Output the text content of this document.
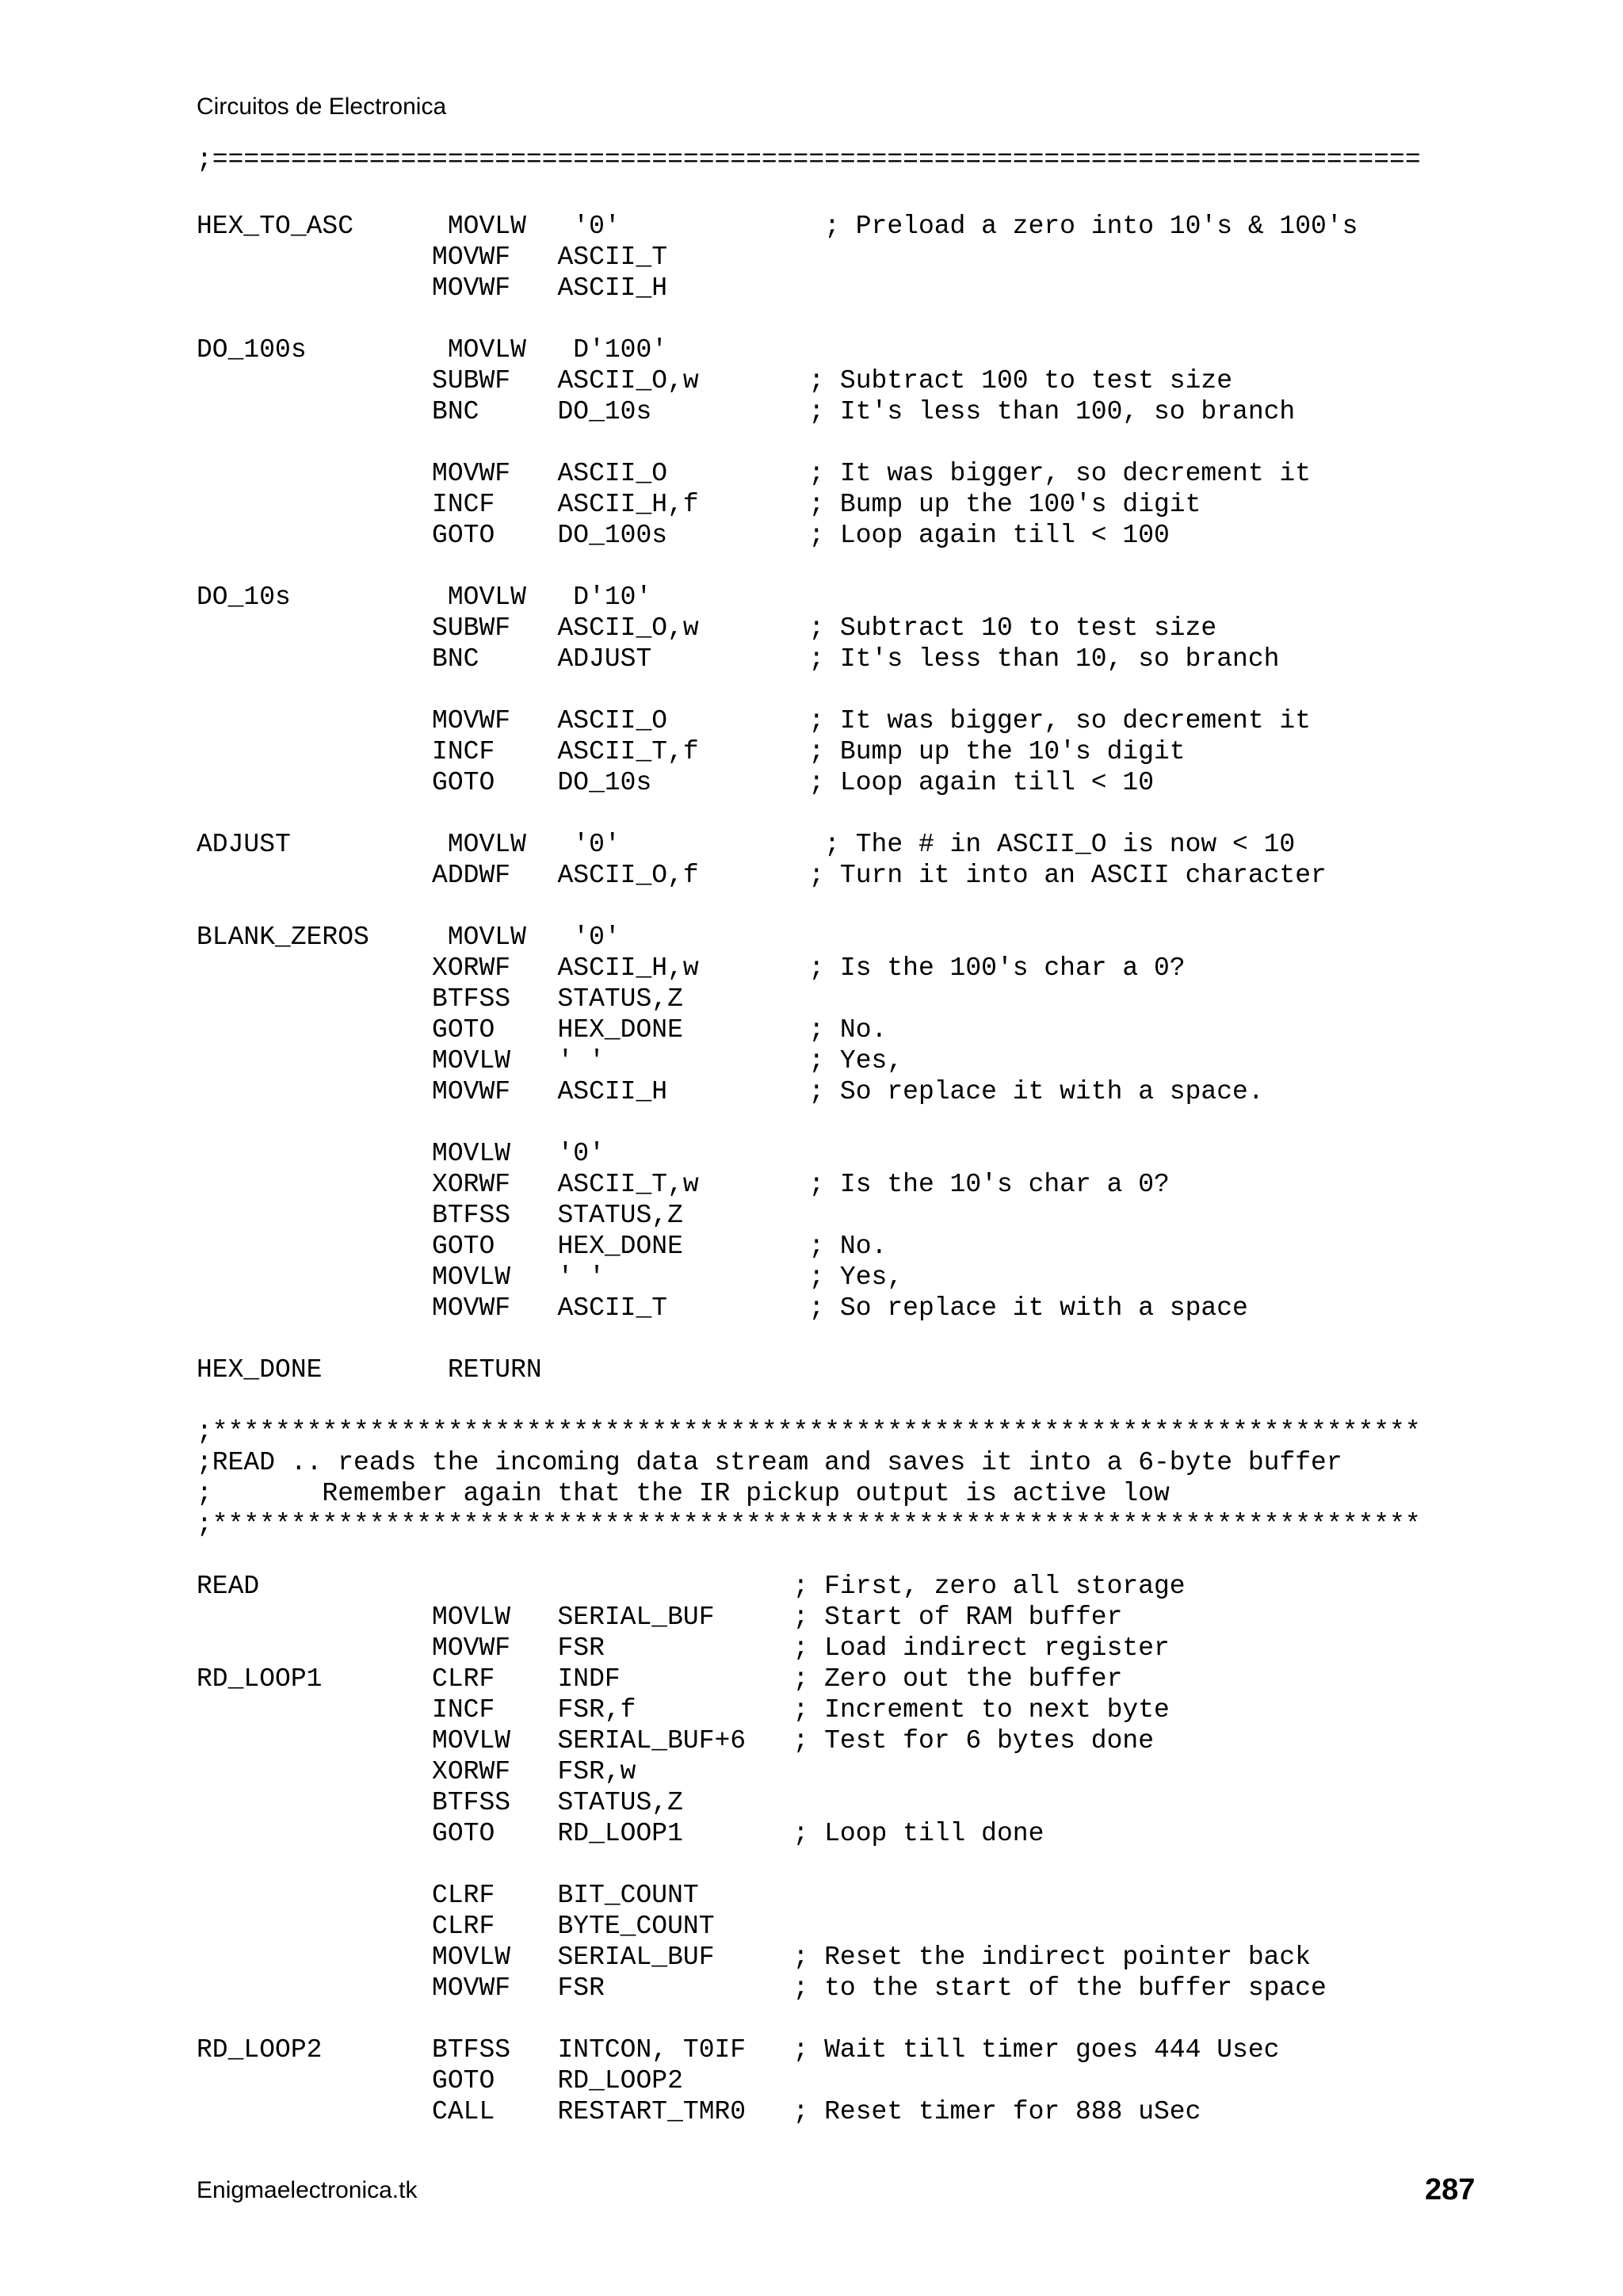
Circuitos de Electronica
;=============================================================================
HEX_TO_ASC      MOVLW   '0'             ; Preload a zero into 10's & 100's
MOVWF   ASCII_T
MOVWF   ASCII_H
DO_100s         MOVLW   D'100'
SUBWF   ASCII_O,w       ; Subtract 100 to test size
BNC     DO_10s          ; It's less than 100, so branch
MOVWF   ASCII_O         ; It was bigger, so decrement it
INCF    ASCII_H,f       ; Bump up the 100's digit
GOTO    DO_100s         ; Loop again till < 100
DO_10s          MOVLW   D'10'
SUBWF   ASCII_O,w       ; Subtract 10 to test size
BNC     ADJUST          ; It's less than 10, so branch
MOVWF   ASCII_O         ; It was bigger, so decrement it
INCF    ASCII_T,f       ; Bump up the 10's digit
GOTO    DO_10s          ; Loop again till < 10
ADJUST          MOVLW   '0'             ; The # in ASCII_O is now < 10
ADDWF   ASCII_O,f       ; Turn it into an ASCII character
BLANK_ZEROS     MOVLW   '0'
XORWF   ASCII_H,w       ; Is the 100's char a 0?
BTFSS   STATUS,Z
GOTO    HEX_DONE        ; No.
MOVLW   ' '             ; Yes,
MOVWF   ASCII_H         ; So replace it with a space.
MOVLW   '0'
XORWF   ASCII_T,w       ; Is the 10's char a 0?
BTFSS   STATUS,Z
GOTO    HEX_DONE        ; No.
MOVLW   ' '             ; Yes,
MOVWF   ASCII_T         ; So replace it with a space
HEX_DONE        RETURN
;*****************************************************************************
;READ .. reads the incoming data stream and saves it into a 6-byte buffer
;       Remember again that the IR pickup output is active low
;*****************************************************************************
READ                                  ; First, zero all storage
MOVLW   SERIAL_BUF     ; Start of RAM buffer
MOVWF   FSR            ; Load indirect register
RD_LOOP1       CLRF    INDF           ; Zero out the buffer
INCF    FSR,f          ; Increment to next byte
MOVLW   SERIAL_BUF+6   ; Test for 6 bytes done
XORWF   FSR,w
BTFSS   STATUS,Z
GOTO    RD_LOOP1       ; Loop till done
CLRF    BIT_COUNT
CLRF    BYTE_COUNT
MOVLW   SERIAL_BUF     ; Reset the indirect pointer back
MOVWF   FSR            ; to the start of the buffer space
RD_LOOP2       BTFSS   INTCON, T0IF   ; Wait till timer goes 444 Usec
GOTO    RD_LOOP2
CALL    RESTART_TMR0   ; Reset timer for 888 uSec
Enigmaelectronica.tk	287
